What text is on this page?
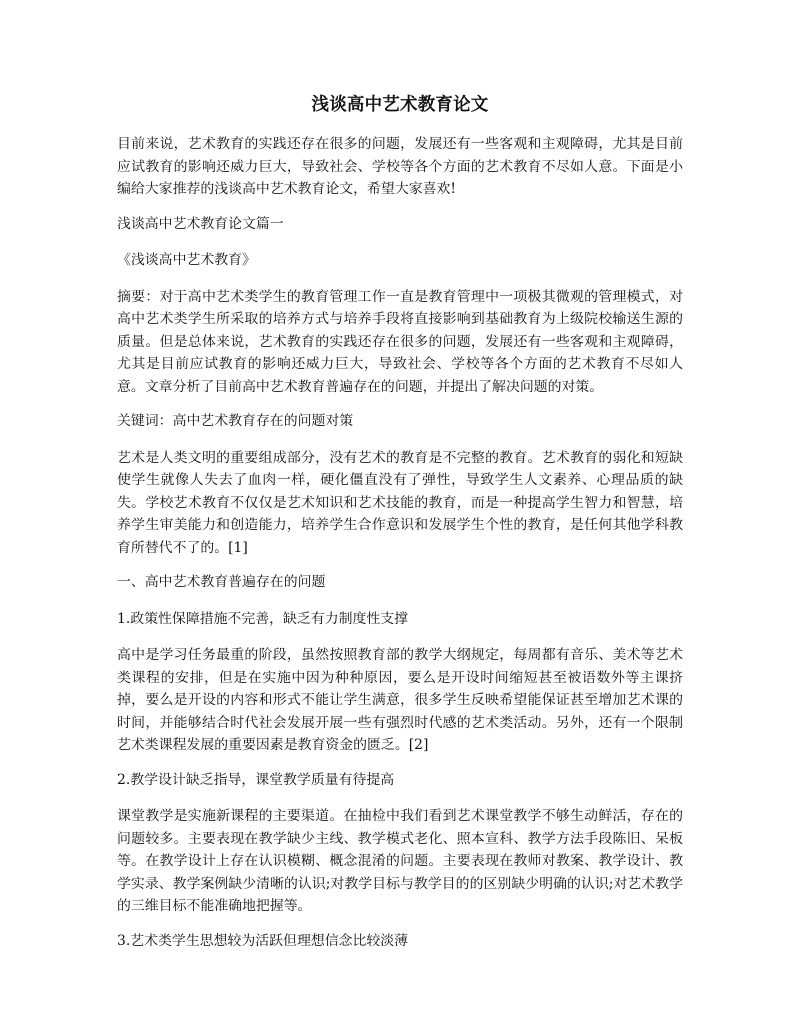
浅谈高中艺术教育论文

目前来说，艺术教育的实践还存在很多的问题，发展还有一些客观和主观障碍，尤其是目前应试教育的影响还威力巨大，导致社会、学校等各个方面的艺术教育不尽如人意。下面是小编给大家推荐的浅谈高中艺术教育论文，希望大家喜欢!

浅谈高中艺术教育论文篇一

《浅谈高中艺术教育》

摘要：对于高中艺术类学生的教育管理工作一直是教育管理中一项极其微观的管理模式，对高中艺术类学生所采取的培养方式与培养手段将直接影响到基础教育为上级院校输送生源的质量。但是总体来说，艺术教育的实践还存在很多的问题，发展还有一些客观和主观障碍，尤其是目前应试教育的影响还威力巨大，导致社会、学校等各个方面的艺术教育不尽如人意。文章分析了目前高中艺术教育普遍存在的问题，并提出了解决问题的对策。

关键词：高中艺术教育存在的问题对策

艺术是人类文明的重要组成部分，没有艺术的教育是不完整的教育。艺术教育的弱化和短缺使学生就像人失去了血肉一样，硬化僵直没有了弹性，导致学生人文素养、心理品质的缺失。学校艺术教育不仅仅是艺术知识和艺术技能的教育，而是一种提高学生智力和智慧，培养学生审美能力和创造能力，培养学生合作意识和发展学生个性的教育，是任何其他学科教育所替代不了的。[1]

一、高中艺术教育普遍存在的问题

1.政策性保障措施不完善，缺乏有力制度性支撑

高中是学习任务最重的阶段，虽然按照教育部的教学大纲规定，每周都有音乐、美术等艺术类课程的安排，但是在实施中因为种种原因，要么是开设时间缩短甚至被语数外等主课挤掉，要么是开设的内容和形式不能让学生满意，很多学生反映希望能保证甚至增加艺术课的时间，并能够结合时代社会发展开展一些有强烈时代感的艺术类活动。另外，还有一个限制艺术类课程发展的重要因素是教育资金的匮乏。[2]

2.教学设计缺乏指导，课堂教学质量有待提高

课堂教学是实施新课程的主要渠道。在抽检中我们看到艺术课堂教学不够生动鲜活，存在的问题较多。主要表现在教学缺少主线、教学模式老化、照本宣科、教学方法手段陈旧、呆板等。在教学设计上存在认识模糊、概念混淆的问题。主要表现在教师对教案、教学设计、教学实录、教学案例缺少清晰的认识;对教学目标与教学目的的区别缺少明确的认识;对艺术教学的三维目标不能准确地把握等。

3.艺术类学生思想较为活跃但理想信念比较淡薄
